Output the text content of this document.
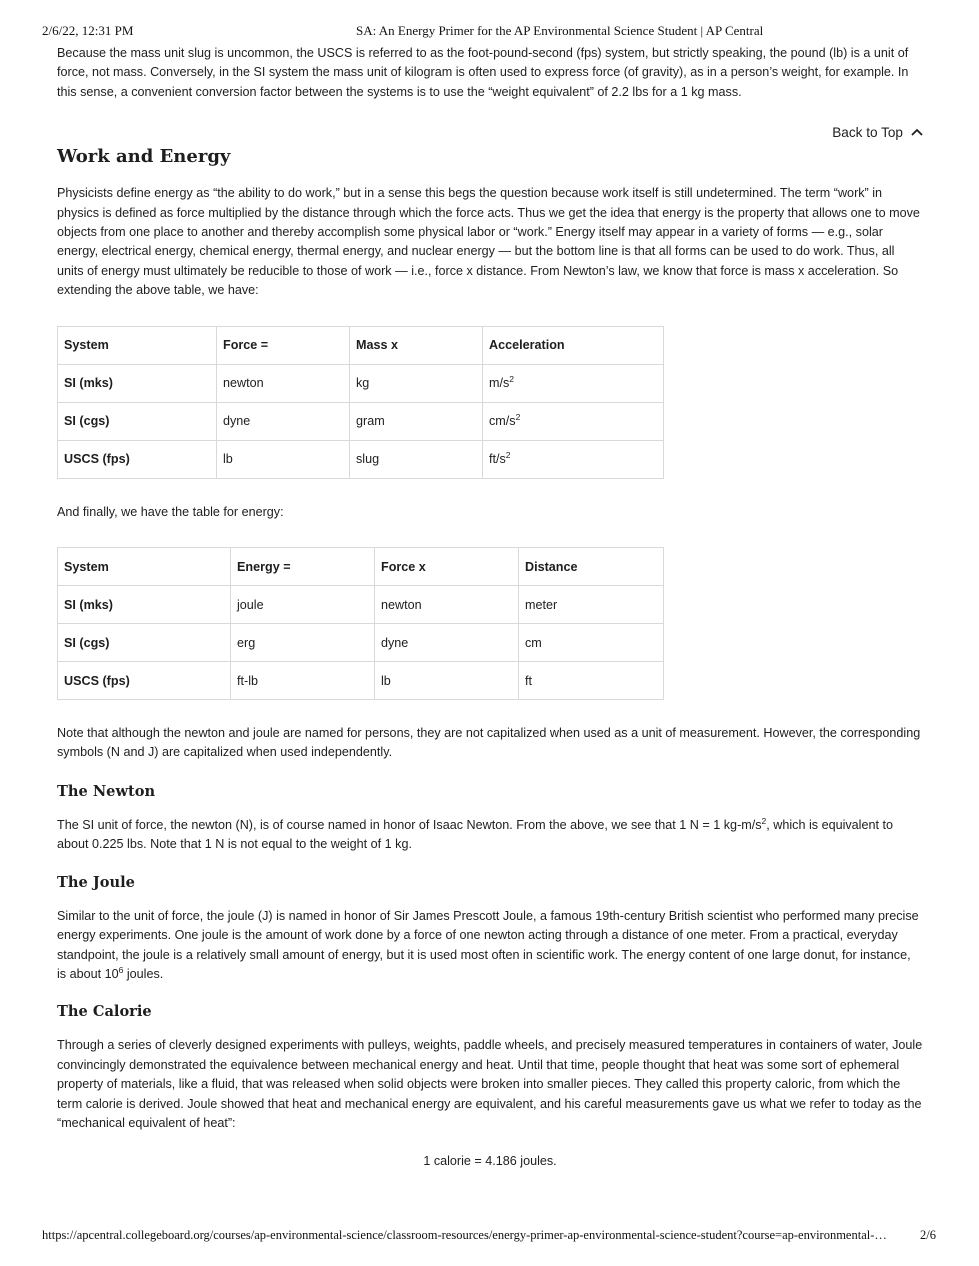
2/6/22, 12:31 PM	SA: An Energy Primer for the AP Environmental Science Student | AP Central

Because the mass unit slug is uncommon, the USCS is referred to as the foot-pound-second (fps) system, but strictly speaking, the pound (lb) is a unit of force, not mass. Conversely, in the SI system the mass unit of kilogram is often used to express force (of gravity), as in a person’s weight, for example. In this sense, a convenient conversion factor between the systems is to use the “weight equivalent” of 2.2 lbs for a 1 kg mass.

Back to Top
Work and Energy

Physicists define energy as “the ability to do work,” but in a sense this begs the question because work itself is still undetermined. The term “work” in physics is defined as force multiplied by the distance through which the force acts. Thus we get the idea that energy is the property that allows one to move objects from one place to another and thereby accomplish some physical labor or “work.” Energy itself may appear in a variety of forms — e.g., solar energy, electrical energy, chemical energy, thermal energy, and nuclear energy — but the bottom line is that all forms can be used to do work. Thus, all units of energy must ultimately be reducible to those of work — i.e., force x distance. From Newton’s law, we know that force is mass x acceleration. So extending the above table, we have:

System	Force =	Mass x	Acceleration
SI (mks)	newton	kg	$m/s^2$
SI (cgs)	dyne	gram	$cm/s^2$
USCS (fps)	lb	slug	$ft/s^2$

And finally, we have the table for energy:

System	Energy =	Force x	Distance
SI (mks)	joule	newton	meter
SI (cgs)	erg	dyne	cm
USCS (fps)	ft-lb	lb	ft

Note that although the newton and joule are named for persons, they are not capitalized when used as a unit of measurement. However, the corresponding symbols (N and J) are capitalized when used independently.

The Newton

The SI unit of force, the newton (N), is of course named in honor of Isaac Newton. From the above, we see that 1 N = 1 $kg-m/s^2$, which is equivalent to about 0.225 lbs. Note that 1 N is not equal to the weight of 1 kg.

The Joule

Similar to the unit of force, the joule (J) is named in honor of Sir James Prescott Joule, a famous 19th-century British scientist who performed many precise energy experiments. One joule is the amount of work done by a force of one newton acting through a distance of one meter. From a practical, everyday standpoint, the joule is a relatively small amount of energy, but it is used most often in scientific work. The energy content of one large donut, for instance, is about $10^6$ joules.

The Calorie

Through a series of cleverly designed experiments with pulleys, weights, paddle wheels, and precisely measured temperatures in containers of water, Joule convincingly demonstrated the equivalence between mechanical energy and heat. Until that time, people thought that heat was some sort of ephemeral property of materials, like a fluid, that was released when solid objects were broken into smaller pieces. They called this property caloric, from which the term calorie is derived. Joule showed that heat and mechanical energy are equivalent, and his careful measurements gave us what we refer to today as the “mechanical equivalent of heat”:

1 calorie = 4.186 joules.

https://apcentral.collegeboard.org/courses/ap-environmental-science/classroom-resources/energy-primer-ap-environmental-science-student?course=ap-environmental-…	2/6
